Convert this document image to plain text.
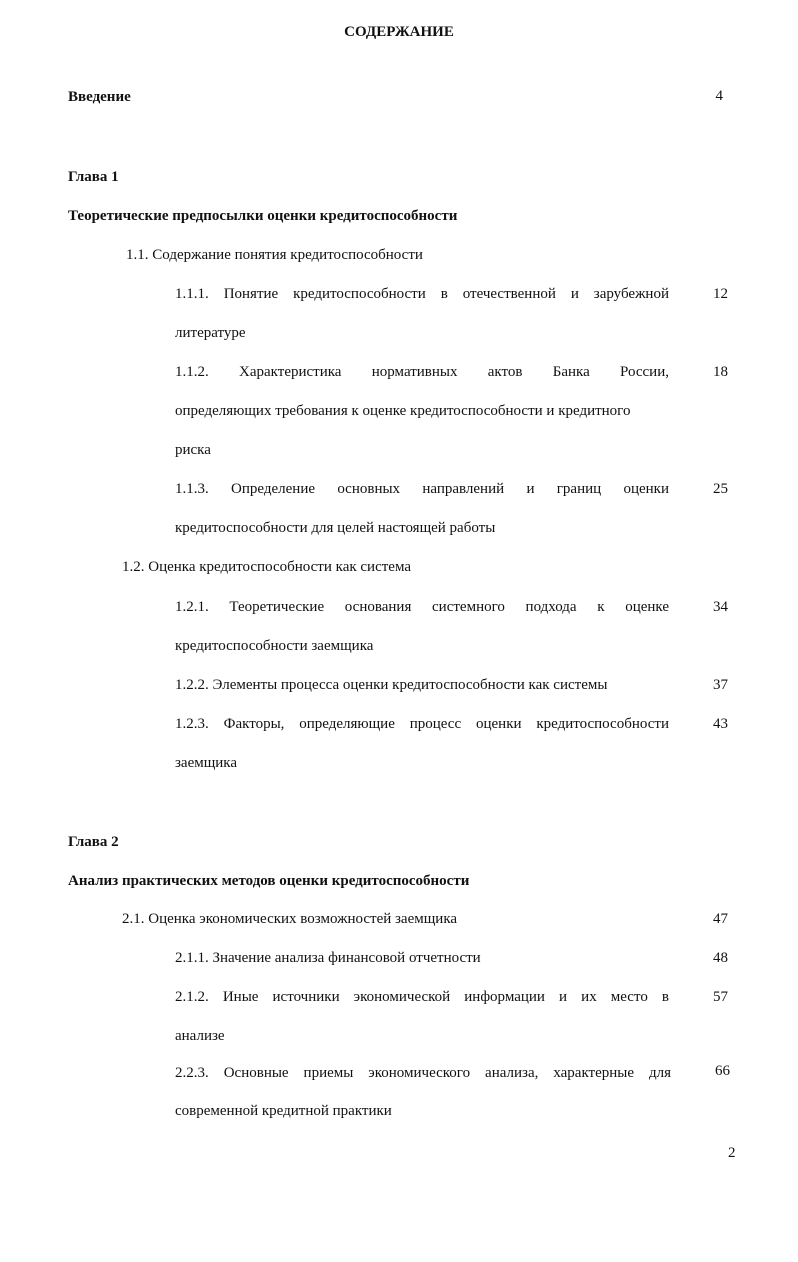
СОДЕРЖАНИЕ
Введение	4
Глава 1
Теоретические предпосылки оценки кредитоспособности
1.1. Содержание понятия кредитоспособности
1.1.1. Понятие кредитоспособности в отечественной и зарубежной	12
литературе
1.1.2. Характеристика нормативных актов Банка России,	18
определяющих требования к оценке кредитоспособности и кредитного
риска
1.1.3. Определение основных направлений и границ оценки	25
кредитоспособности для целей настоящей работы
1.2. Оценка кредитоспособности как система
1.2.1. Теоретические основания системного подхода к оценке	34
кредитоспособности заемщика
1.2.2. Элементы процесса оценки кредитоспособности как системы	37
1.2.3. Факторы, определяющие процесс оценки кредитоспособности	43
заемщика
Глава 2
Анализ практических методов оценки кредитоспособности
2.1. Оценка экономических возможностей заемщика	47
2.1.1. Значение анализа финансовой отчетности	48
2.1.2. Иные источники экономической информации и их место в	57
анализе
2.2.3. Основные приемы экономического анализа, характерные для	66
современной кредитной практики
2
